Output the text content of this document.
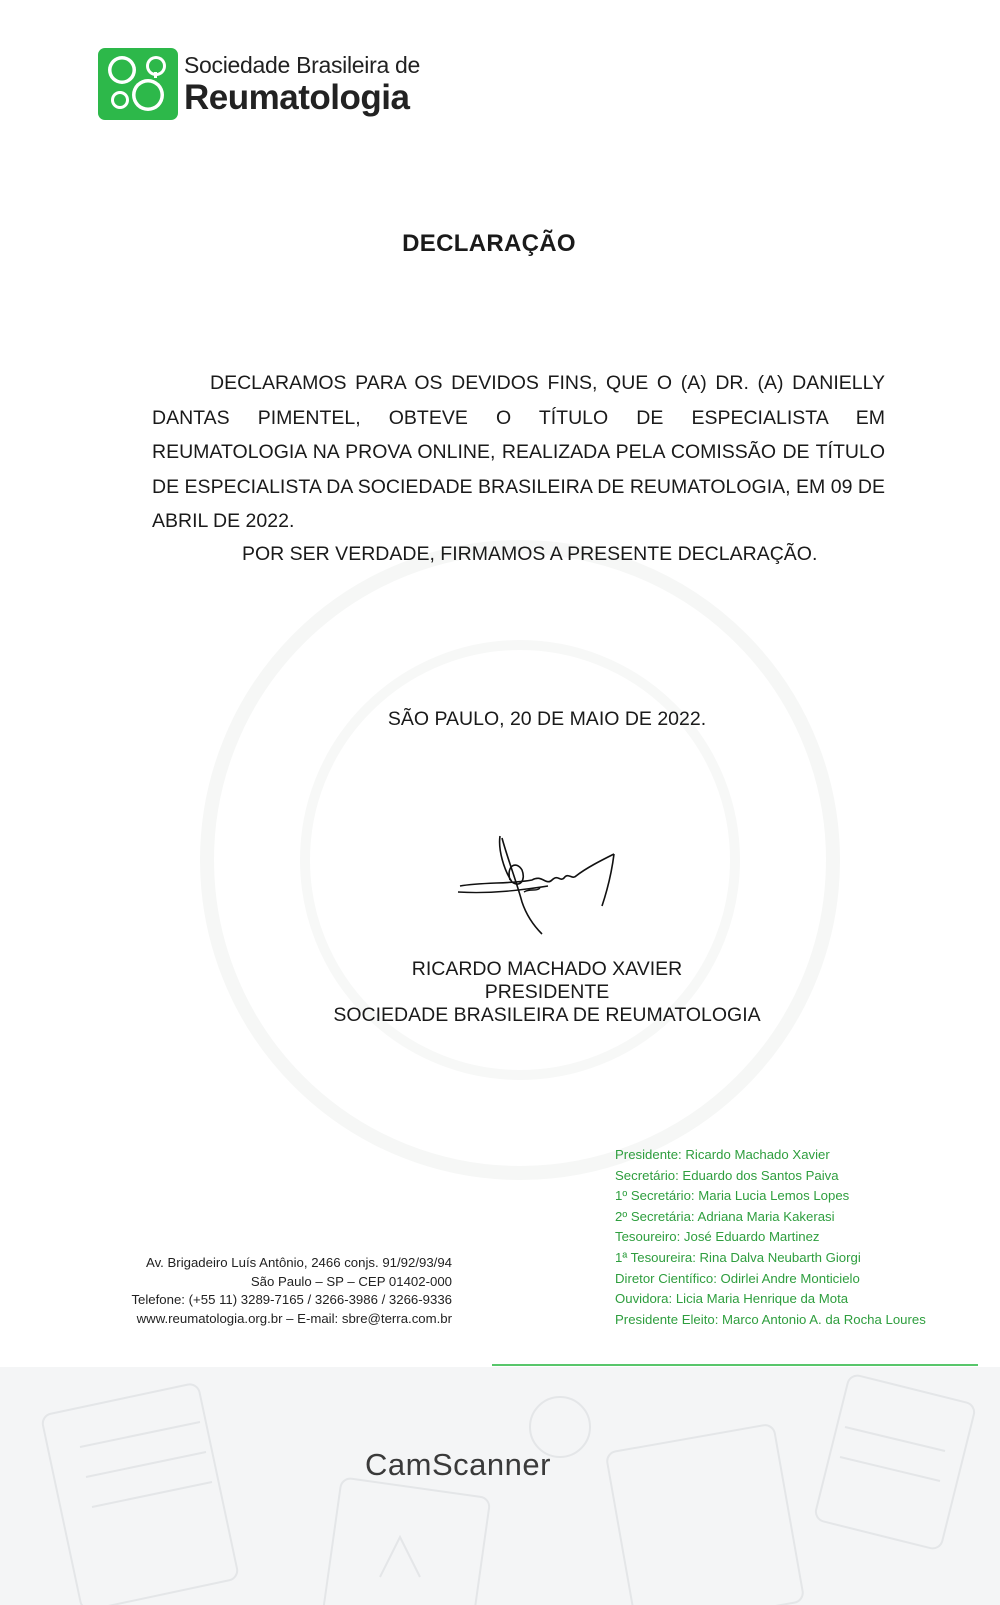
Sociedade Brasileira de
Reumatologia
DECLARAÇÃO

DECLARAMOS PARA OS DEVIDOS FINS, QUE O (A) DR. (A) DANIELLY DANTAS PIMENTEL, OBTEVE O TÍTULO DE ESPECIALISTA EM REUMATOLOGIA NA PROVA ONLINE, REALIZADA PELA COMISSÃO DE TÍTULO DE ESPECIALISTA DA SOCIEDADE BRASILEIRA DE REUMATOLOGIA, EM 09 DE ABRIL DE 2022.

POR SER VERDADE, FIRMAMOS A PRESENTE DECLARAÇÃO.

SÃO PAULO, 20 DE MAIO DE 2022.
RICARDO MACHADO XAVIER
PRESIDENTE
SOCIEDADE BRASILEIRA DE REUMATOLOGIA
Av. Brigadeiro Luís Antônio, 2466 conjs. 91/92/93/94
São Paulo – SP – CEP 01402-000
Telefone: (+55 11) 3289-7165 / 3266-3986 / 3266-9336
www.reumatologia.org.br – E-mail: sbre@terra.com.br
Presidente: Ricardo Machado Xavier
Secretário: Eduardo dos Santos Paiva
1º Secretário: Maria Lucia Lemos Lopes
2º Secretária: Adriana Maria Kakerasi
Tesoureiro: José Eduardo Martinez
1ª Tesoureira: Rina Dalva Neubarth Giorgi
Diretor Científico: Odirlei Andre Monticielo
Ouvidora: Licia Maria Henrique da Mota
Presidente Eleito: Marco Antonio A. da Rocha Loures
CamScanner
